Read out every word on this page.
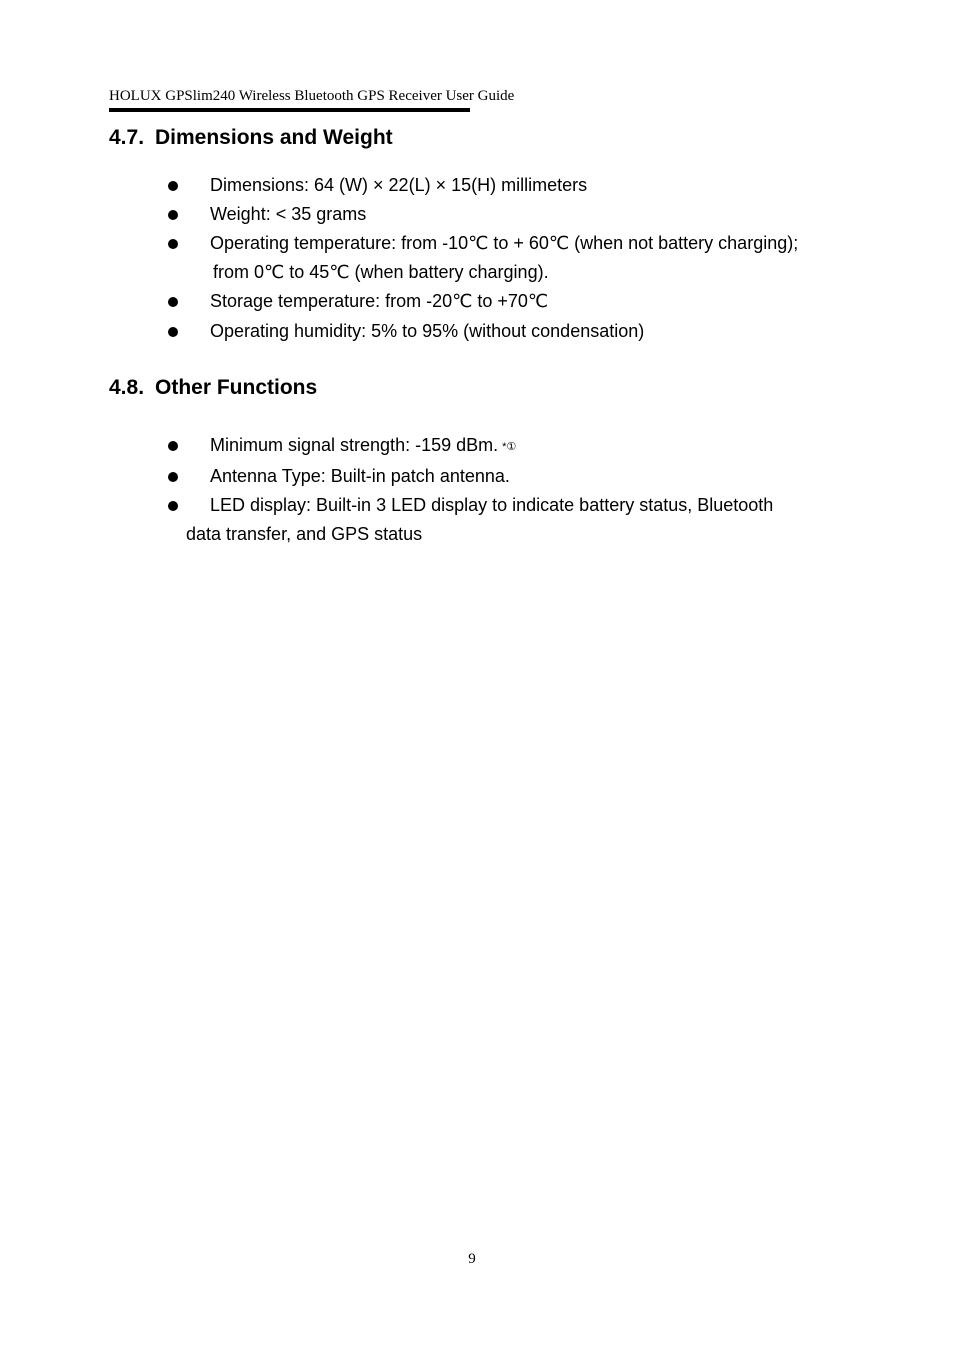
HOLUX GPSlim240 Wireless Bluetooth GPS Receiver User Guide
4.7. Dimensions and Weight
Dimensions: 64 (W) × 22(L) × 15(H) millimeters
Weight: < 35 grams
Operating temperature: from -10℃ to + 60℃ (when not battery charging);
from 0℃ to 45℃ (when battery charging).
Storage temperature: from -20℃ to +70℃
Operating humidity: 5% to 95% (without condensation)
4.8. Other Functions
Minimum signal strength: -159 dBm. *①
Antenna Type: Built-in patch antenna.
LED display: Built-in 3 LED display to indicate battery status, Bluetooth
data transfer, and GPS status
9
